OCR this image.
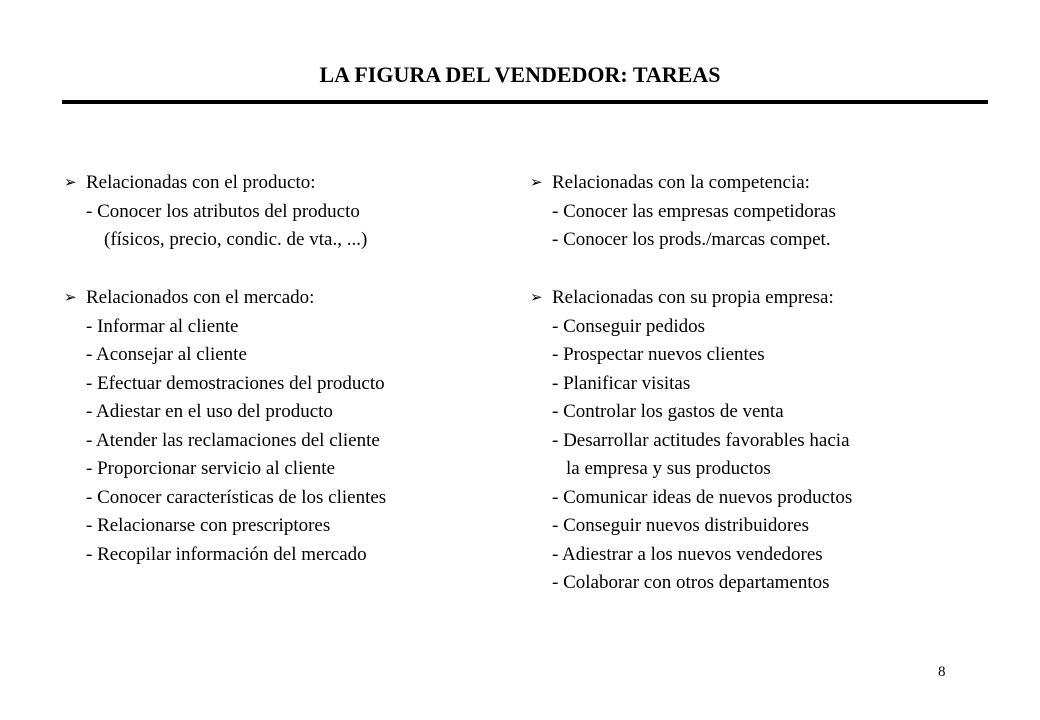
LA FIGURA DEL VENDEDOR: TAREAS
➢ Relacionadas con el producto:
- Conocer los atributos del producto
(físicos, precio, condic. de vta., ...)
➢ Relacionados con el mercado:
- Informar al cliente
- Aconsejar al cliente
- Efectuar demostraciones del producto
- Adiestar en el uso del producto
- Atender las reclamaciones del cliente
- Proporcionar servicio al cliente
- Conocer características de los clientes
- Relacionarse con prescriptores
- Recopilar información del mercado
➢ Relacionadas con la competencia:
- Conocer las empresas competidoras
- Conocer los prods./marcas compet.
➢ Relacionadas con su propia empresa:
- Conseguir pedidos
- Prospectar nuevos clientes
- Planificar visitas
- Controlar los gastos de venta
- Desarrollar actitudes favorables hacia
la empresa y sus productos
- Comunicar ideas de nuevos productos
- Conseguir nuevos distribuidores
- Adiestrar a los nuevos vendedores
- Colaborar con otros departamentos
8
